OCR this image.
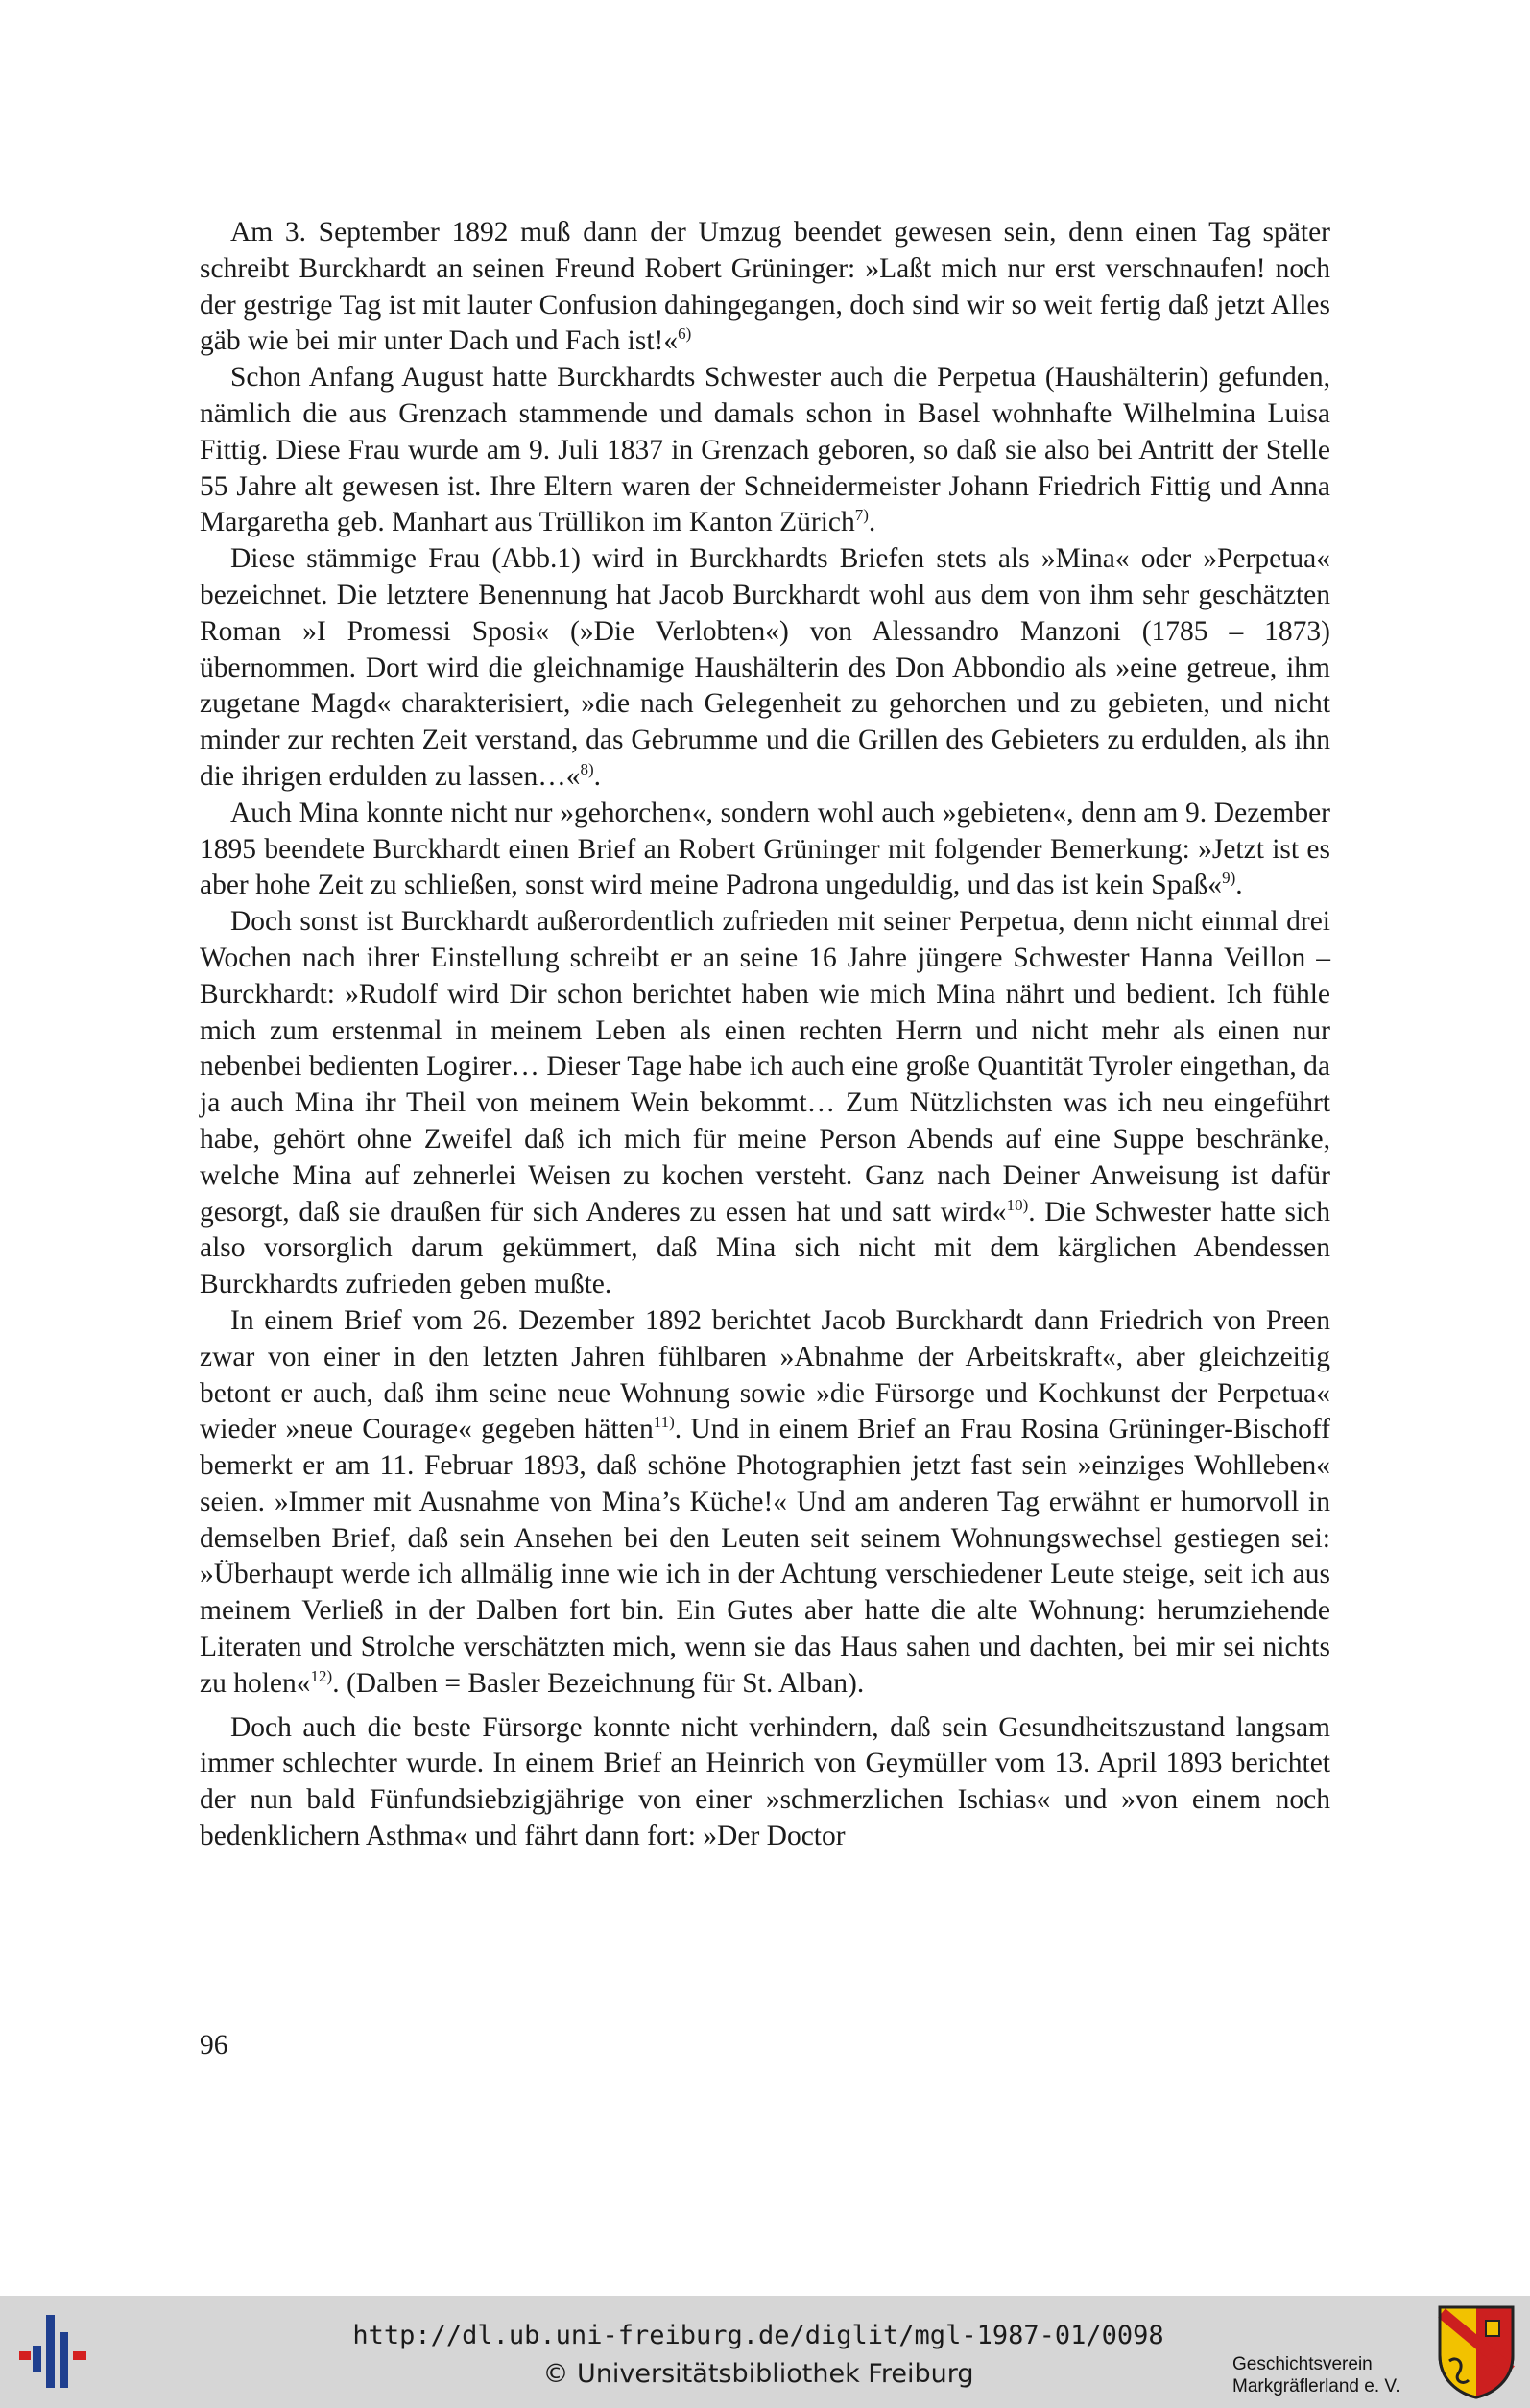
Am 3. September 1892 muß dann der Umzug beendet gewesen sein, denn einen Tag später schreibt Burckhardt an seinen Freund Robert Grüninger: »Laßt mich nur erst verschnaufen! noch der gestrige Tag ist mit lauter Confusion dahingegangen, doch sind wir so weit fertig daß jetzt Alles gäb wie bei mir unter Dach und Fach ist!«$^{6)}$

Schon Anfang August hatte Burckhardts Schwester auch die Perpetua (Haushälterin) gefunden, nämlich die aus Grenzach stammende und damals schon in Basel wohnhafte Wilhelmina Luisa Fittig. Diese Frau wurde am 9. Juli 1837 in Grenzach geboren, so daß sie also bei Antritt der Stelle 55 Jahre alt gewesen ist. Ihre Eltern waren der Schneidermeister Johann Friedrich Fittig und Anna Margaretha geb. Manhart aus Trüllikon im Kanton Zürich$^{7)}$.

Diese stämmige Frau (Abb.1) wird in Burckhardts Briefen stets als »Mina« oder »Perpetua« bezeichnet. Die letztere Benennung hat Jacob Burckhardt wohl aus dem von ihm sehr geschätzten Roman »I Promessi Sposi« (»Die Verlobten«) von Alessandro Manzoni (1785 – 1873) übernommen. Dort wird die gleichnamige Haushälterin des Don Abbondio als »eine getreue, ihm zugetane Magd« charakterisiert, »die nach Gelegenheit zu gehorchen und zu gebieten, und nicht minder zur rechten Zeit verstand, das Gebrumme und die Grillen des Gebieters zu erdulden, als ihn die ihrigen erdulden zu lassen…«$^{8)}$.

Auch Mina konnte nicht nur »gehorchen«, sondern wohl auch »gebieten«, denn am 9. Dezember 1895 beendete Burckhardt einen Brief an Robert Grüninger mit folgender Bemerkung: »Jetzt ist es aber hohe Zeit zu schließen, sonst wird meine Padrona ungeduldig, und das ist kein Spaß«$^{9)}$.

Doch sonst ist Burckhardt außerordentlich zufrieden mit seiner Perpetua, denn nicht einmal drei Wochen nach ihrer Einstellung schreibt er an seine 16 Jahre jüngere Schwester Hanna Veillon – Burckhardt: »Rudolf wird Dir schon berichtet haben wie mich Mina nährt und bedient. Ich fühle mich zum erstenmal in meinem Leben als einen rechten Herrn und nicht mehr als einen nur nebenbei bedienten Logirer… Dieser Tage habe ich auch eine große Quantität Tyroler eingethan, da ja auch Mina ihr Theil von meinem Wein bekommt… Zum Nützlichsten was ich neu eingeführt habe, gehört ohne Zweifel daß ich mich für meine Person Abends auf eine Suppe beschränke, welche Mina auf zehnerlei Weisen zu kochen versteht. Ganz nach Deiner Anweisung ist dafür gesorgt, daß sie draußen für sich Anderes zu essen hat und satt wird«$^{10)}$. Die Schwester hatte sich also vorsorglich darum gekümmert, daß Mina sich nicht mit dem kärglichen Abendessen Burckhardts zufrieden geben mußte.

In einem Brief vom 26. Dezember 1892 berichtet Jacob Burckhardt dann Friedrich von Preen zwar von einer in den letzten Jahren fühlbaren »Abnahme der Arbeitskraft«, aber gleichzeitig betont er auch, daß ihm seine neue Wohnung sowie »die Fürsorge und Kochkunst der Perpetua« wieder »neue Courage« gegeben hätten$^{11)}$. Und in einem Brief an Frau Rosina Grüninger-Bischoff bemerkt er am 11. Februar 1893, daß schöne Photographien jetzt fast sein »einziges Wohlleben« seien. »Immer mit Ausnahme von Mina’s Küche!« Und am anderen Tag erwähnt er humorvoll in demselben Brief, daß sein Ansehen bei den Leuten seit seinem Wohnungswechsel gestiegen sei: »Überhaupt werde ich allmälig inne wie ich in der Achtung verschiedener Leute steige, seit ich aus meinem Verließ in der Dalben fort bin. Ein Gutes aber hatte die alte Wohnung: herumziehende Literaten und Strolche verschätzten mich, wenn sie das Haus sahen und dachten, bei mir sei nichts zu holen«$^{12)}$. (Dalben = Basler Bezeichnung für St. Alban).

Doch auch die beste Fürsorge konnte nicht verhindern, daß sein Gesundheitszustand langsam immer schlechter wurde. In einem Brief an Heinrich von Geymüller vom 13. April 1893 berichtet der nun bald Fünfundsiebzigjährige von einer »schmerzlichen Ischias« und »von einem noch bedenklichern Asthma« und fährt dann fort: »Der Doctor

96
http://dl.ub.uni-freiburg.de/diglit/mgl-1987-01/0098
© Universitätsbibliothek Freiburg	Geschichtsverein
Markgräflerland e. V.
